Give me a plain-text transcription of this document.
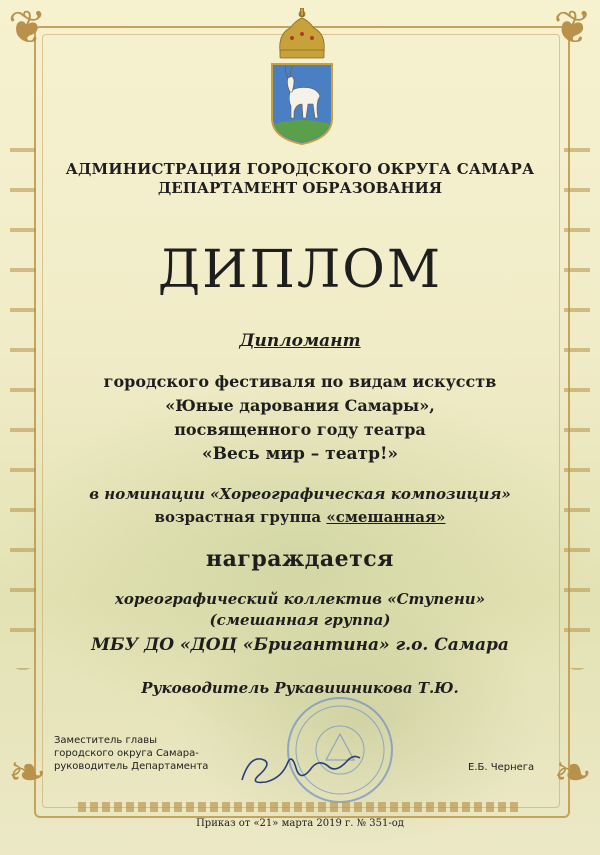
❦	❦
❧	❧
АДМИНИСТРАЦИЯ ГОРОДСКОГО ОКРУГА САМАРА
ДЕПАРТАМЕНТ ОБРАЗОВАНИЯ
ДИПЛОМ
Дипломант
городского фестиваля по видам искусств
«Юные дарования Самары»,
посвященного году театра
«Весь мир – театр!»
в номинации «Хореографическая композиция»
возрастная группа «смешанная»
награждается
хореографический коллектив «Ступени»
(смешанная группа)
МБУ ДО «ДОЦ «Бригантина» г.о. Самара
Руководитель Рукавишникова Т.Ю.
Заместитель главы
городского округа Самара-
руководитель Департамента	Е.Б. Чернега
Приказ от «21» марта 2019 г. № 351-од
